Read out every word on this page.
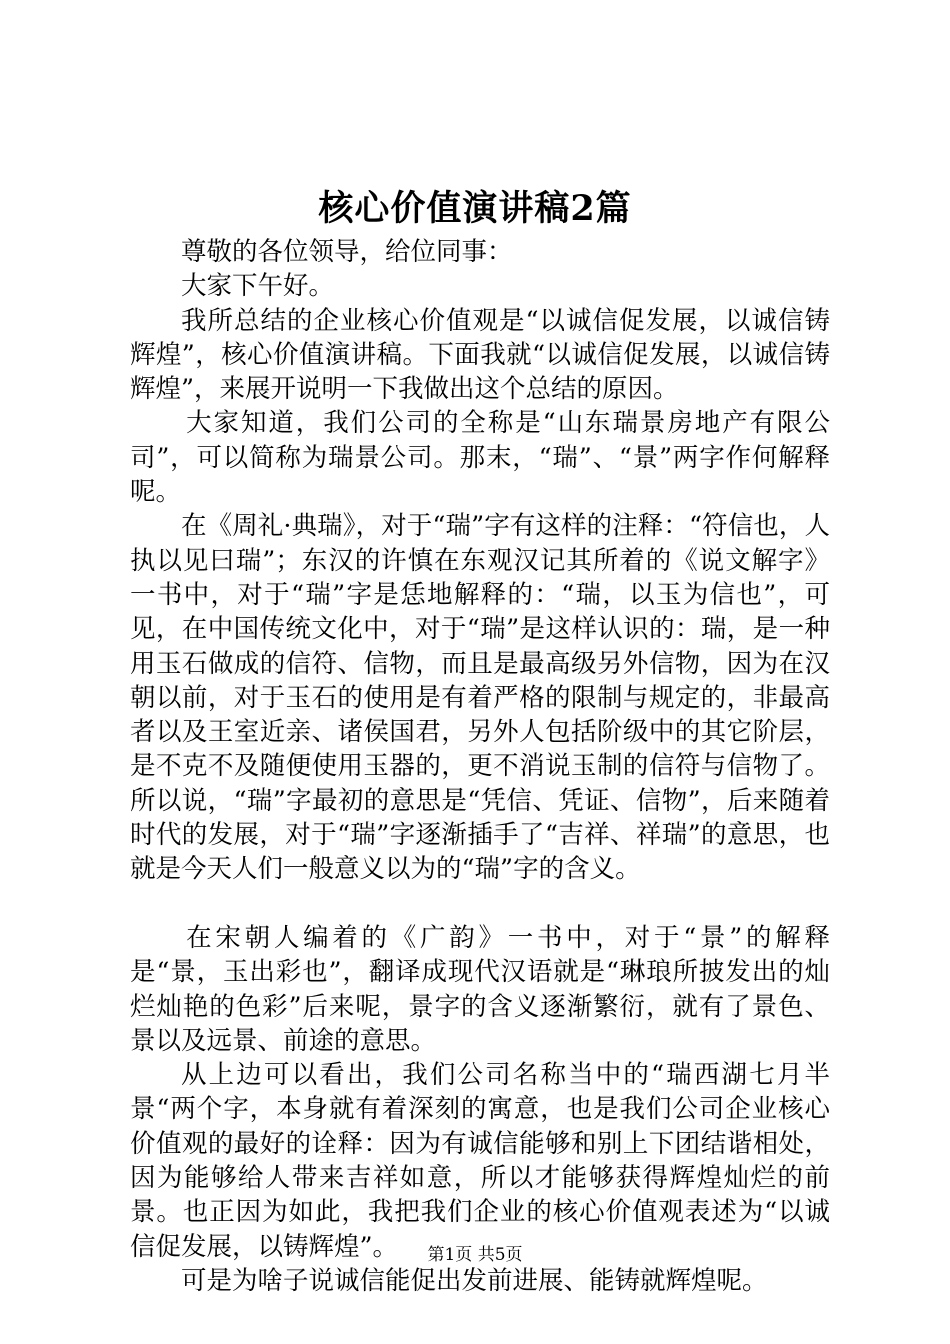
核心价值演讲稿2篇

尊敬的各位领导，给位同事：

大家下午好。

我所总结的企业核心价值观是“以诚信促发展，以诚信铸辉煌”，核心价值演讲稿。下面我就“以诚信促发展，以诚信铸辉煌”，来展开说明一下我做出这个总结的原因。

大家知道，我们公司的全称是“山东瑞景房地产有限公司”，可以简称为瑞景公司。那末，“瑞”、“景”两字作何解释呢。

在《周礼·典瑞》，对于“瑞”字有这样的注释：“符信也，人执以见曰瑞”；东汉的许慎在东观汉记其所着的《说文解字》一书中，对于“瑞”字是恁地解释的：“瑞，以玉为信也”，可见，在中国传统文化中，对于“瑞”是这样认识的：瑞，是一种用玉石做成的信符、信物，而且是最高级另外信物，因为在汉朝以前，对于玉石的使用是有着严格的限制与规定的，非最高者以及王室近亲、诸侯国君，另外人包括阶级中的其它阶层，是不克不及随便使用玉器的，更不消说玉制的信符与信物了。所以说，“瑞”字最初的意思是“凭信、凭证、信物”，后来随着时代的发展，对于“瑞”字逐渐插手了“吉祥、祥瑞”的意思，也就是今天人们一般意义以为的“瑞”字的含义。

在宋朝人编着的《广韵》一书中，对于“景”的解释是“景，玉出彩也”，翻译成现代汉语就是“琳琅所披发出的灿烂灿艳的色彩”后来呢，景字的含义逐渐繁衍，就有了景色、景以及远景、前途的意思。

从上边可以看出，我们公司名称当中的“瑞西湖七月半景“两个字，本身就有着深刻的寓意，也是我们公司企业核心价值观的最好的诠释：因为有诚信能够和别上下团结谐相处，因为能够给人带来吉祥如意，所以才能够获得辉煌灿烂的前景。也正因为如此，我把我们企业的核心价值观表述为“以诚信促发展，以铸辉煌”。

可是为啥子说诚信能促出发前进展、能铸就辉煌呢。

第1页 共5页
